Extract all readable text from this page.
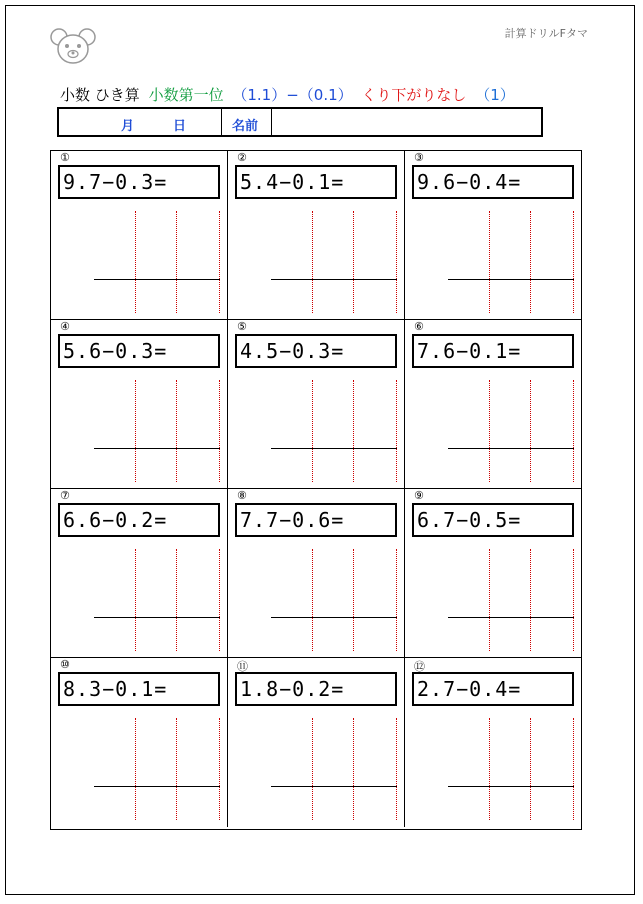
計算ドリルFタマ
小数 ひき算 小数第一位 （1.1）−（0.1） くり下がりなし （1）
月	日	名前
①
9.7−0.3=
②
5.4−0.1=
③
9.6−0.4=
④
5.6−0.3=
⑤
4.5−0.3=
⑥
7.6−0.1=
⑦
6.6−0.2=
⑧
7.7−0.6=
⑨
6.7−0.5=
⑩
8.3−0.1=
⑪
1.8−0.2=
⑫
2.7−0.4=
